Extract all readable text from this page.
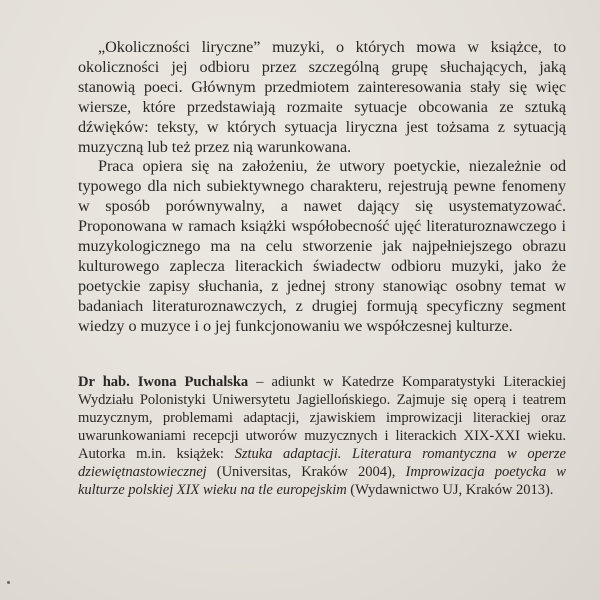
„Okoliczności liryczne” muzyki, o których mowa w książce, to okoliczności jej odbioru przez szczególną grupę słuchających, jaką stanowią poeci. Głównym przedmiotem zainteresowania stały się więc wiersze, które przedstawiają rozmaite sytuacje obcowania ze sztuką dźwięków: teksty, w których sytuacja liryczna jest tożsama z sytuacją muzyczną lub też przez nią warunkowana.

Praca opiera się na założeniu, że utwory poetyckie, niezależnie od typowego dla nich subiektywnego charakteru, rejestrują pewne fenomeny w sposób porównywalny, a nawet dający się usystematyzować. Proponowana w ramach książki współobecność ujęć literaturoznawczego i muzykologicznego ma na celu stworzenie jak najpełniejszego obrazu kulturowego zaplecza literackich świadectw odbioru muzyki, jako że poetyckie zapisy słuchania, z jednej strony stanowiąc osobny temat w badaniach literaturoznawczych, z drugiej formują specyficzny segment wiedzy o muzyce i o jej funkcjonowaniu we współczesnej kulturze.

Dr hab. Iwona Puchalska – adiunkt w Katedrze Komparatystyki Literackiej Wydziału Polonistyki Uniwersytetu Jagiellońskiego. Zajmuje się operą i teatrem muzycznym, problemami adaptacji, zjawiskiem improwizacji literackiej oraz uwarunkowaniami recepcji utworów muzycznych i literackich XIX-XXI wieku. Autorka m.in. książek: Sztuka adaptacji. Literatura romantyczna w operze dziewiętnastowiecznej (Universitas, Kraków 2004), Improwizacja poetycka w kulturze polskiej XIX wieku na tle europejskim (Wydawnictwo UJ, Kraków 2013).
